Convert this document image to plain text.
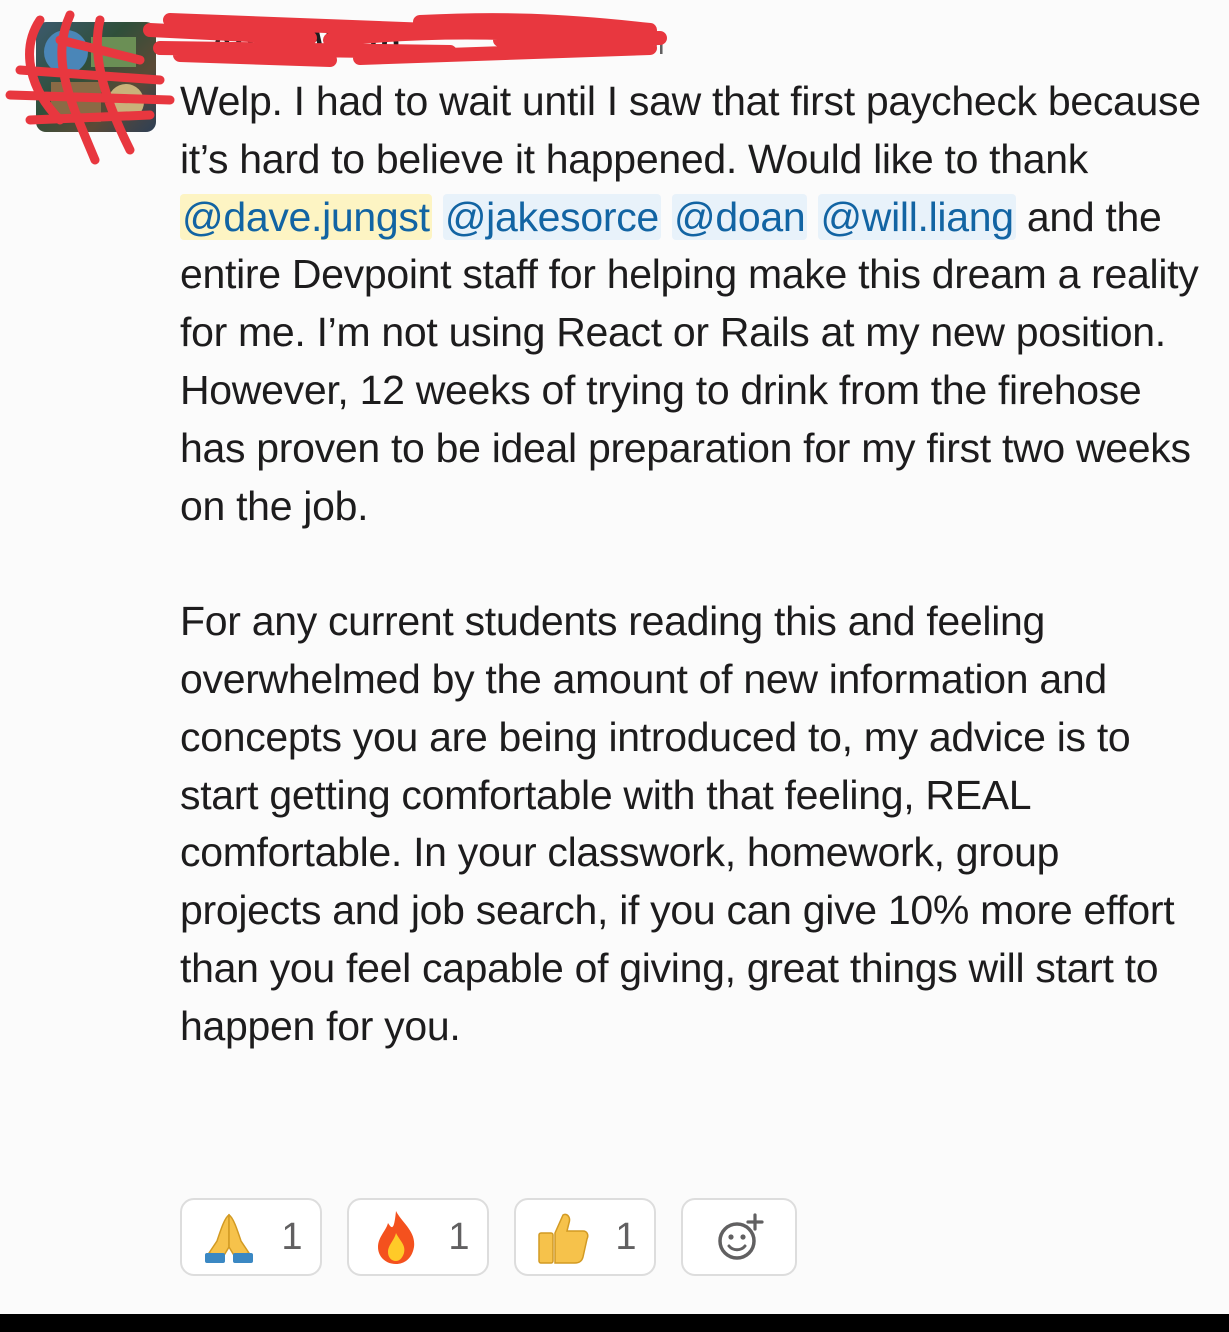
Adam Wirth	PM

Welp. I had to wait until I saw that first paycheck because it’s hard to believe it happened. Would like to thank @dave.jungst @jakesorce @doan @will.liang and the entire Devpoint staff for helping make this dream a reality for me. I’m not using React or Rails at my new position. However, 12 weeks of trying to drink from the firehose has proven to be ideal preparation for my first two weeks on the job.

For any current students reading this and feeling overwhelmed by the amount of new information and concepts you are being introduced to, my advice is to start getting comfortable with that feeling, REAL comfortable. In your classwork, homework, group projects and job search, if you can give 10% more effort than you feel capable of giving, great things will start to happen for you.

1	1	1
